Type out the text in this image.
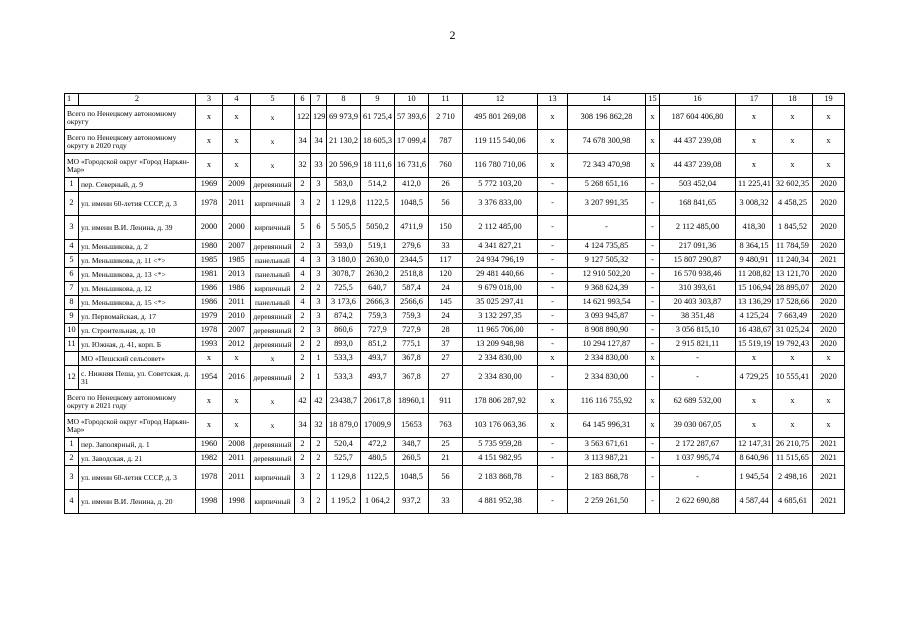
2
1	2	3	4	5	6	7	8	9	10	11	12	13	14	15	16	17	18	19
Всего по Ненецкому автономному округу		x	x	x	122	129	69 973,9	61 725,4	57 393,6	2 710	495 801 269,08	x	308 196 862,28	x	187 604 406,80	x	x	x
Всего по Ненецкому автономному округу в 2020 году		x	x	x	34	34	21 130,2	18 605,3	17 099,4	787	119 115 540,06	x	74 678 300,98	x	44 437 239,08	x	x	x
МО «Городской округ «Город Нарьян-Мар»		x	x	x	32	33	20 596,9	18 111,6	16 731,6	760	116 780 710,06	x	72 343 470,98	x	44 437 239,08	x	x	x
1	пер. Северный, д. 9	1969	2009	деревянный	2	3	583,0	514,2	412,0	26	5 772 103,20	-	5 268 651,16	-	503 452,04	11 225,41	32 602,35	2020
2	ул. имени 60-летия СССР, д. 3	1978	2011	кирпичный	3	2	1 129,8	1122,5	1048,5	56	3 376 833,00	-	3 207 991,35	-	168 841,65	3 008,32	4 458,25	2020
3	ул. имени В.И. Ленина, д. 39	2000	2000	кирпичный	5	6	5 505,5	5050,2	4711,9	150	2 112 485,00	-	-	-	2 112 485,00	418,30	1 845,52	2020
4	ул. Меньшикова, д. 2	1980	2007	деревянный	2	3	593,0	519,1	279,6	33	4 341 827,21	-	4 124 735,85	-	217 091,36	8 364,15	11 784,59	2020
5	ул. Меньшикова, д. 11 <*>	1985	1985	панельный	4	3	3 180,0	2630,0	2344,5	117	24 934 796,19	-	9 127 505,32	-	15 807 290,87	9 480,91	11 240,34	2021
6	ул. Меньшикова, д. 13 <*>	1981	2013	панельный	4	3	3078,7	2630,2	2518,8	120	29 481 440,66	-	12 910 502,20	-	16 570 938,46	11 208,82	13 121,70	2020
7	ул. Меньшикова, д. 12	1986	1986	кирпичный	2	2	725,5	640,7	587,4	24	9 679 018,00	-	9 368 624,39	-	310 393,61	15 106,94	28 895,07	2020
8	ул. Меньшикова, д. 15 <*>	1986	2011	панельный	4	3	3 173,6	2666,3	2566,6	145	35 025 297,41	-	14 621 993,54	-	20 403 303,87	13 136,29	17 528,66	2020
9	ул. Первомайская, д. 17	1979	2010	деревянный	2	3	874,2	759,3	759,3	24	3 132 297,35	-	3 093 945,87	-	38 351,48	4 125,24	7 663,49	2020
10	ул. Строительная, д. 10	1978	2007	деревянный	2	3	860,6	727,9	727,9	28	11 965 706,00	-	8 908 890,90	-	3 056 815,10	16 438,67	31 025,24	2020
11	ул. Южная, д. 41, корп. Б	1993	2012	деревянный	2	2	893,0	851,2	775,1	37	13 209 948,98	-	10 294 127,87	-	2 915 821,11	15 519,19	19 792,43	2020
	МО «Пешский сельсовет»	x	x	x	2	1	533,3	493,7	367,8	27	2 334 830,00	x	2 334 830,00	x	-	x	x	x
12	с. Нижняя Пеша, ул. Советская, д. 31	1954	2016	деревянный	2	1	533,3	493,7	367,8	27	2 334 830,00	-	2 334 830,00	-	-	4 729,25	10 555,41	2020
Всего по Ненецкому автономному округу в 2021 году		x	x	x	42	42	23438,7	20617,8	18960,1	911	178 806 287,92	x	116 116 755,92	x	62 689 532,00	x	x	x
МО «Городской округ «Город Нарьян-Мар»		x	x	x	34	32	18 879,0	17009,9	15653	763	103 176 063,36	x	64 145 996,31	x	39 030 067,05	x	x	x
1	пер. Заполярный, д. 1	1960	2008	деревянный	2	2	520,4	472,2	348,7	25	5 735 959,28	-	3 563 671,61	-	2 172 287,67	12 147,31	26 210,75	2021
2	ул. Заводская, д. 21	1982	2011	деревянный	2	2	525,7	480,5	260,5	21	4 151 982,95	-	3 113 987,21	-	1 037 995,74	8 640,96	11 515,65	2021
3	ул. имени 60-летия СССР, д. 3	1978	2011	кирпичный	3	2	1 129,8	1122,5	1048,5	56	2 183 868,78	-	2 183 868,78	-	-	1 945,54	2 498,16	2021
4	ул. имени В.И. Ленина, д. 20	1998	1998	кирпичный	3	2	1 195,2	1 064,2	937,2	33	4 881 952,38	-	2 259 261,50	-	2 622 690,88	4 587,44	4 685,61	2021
